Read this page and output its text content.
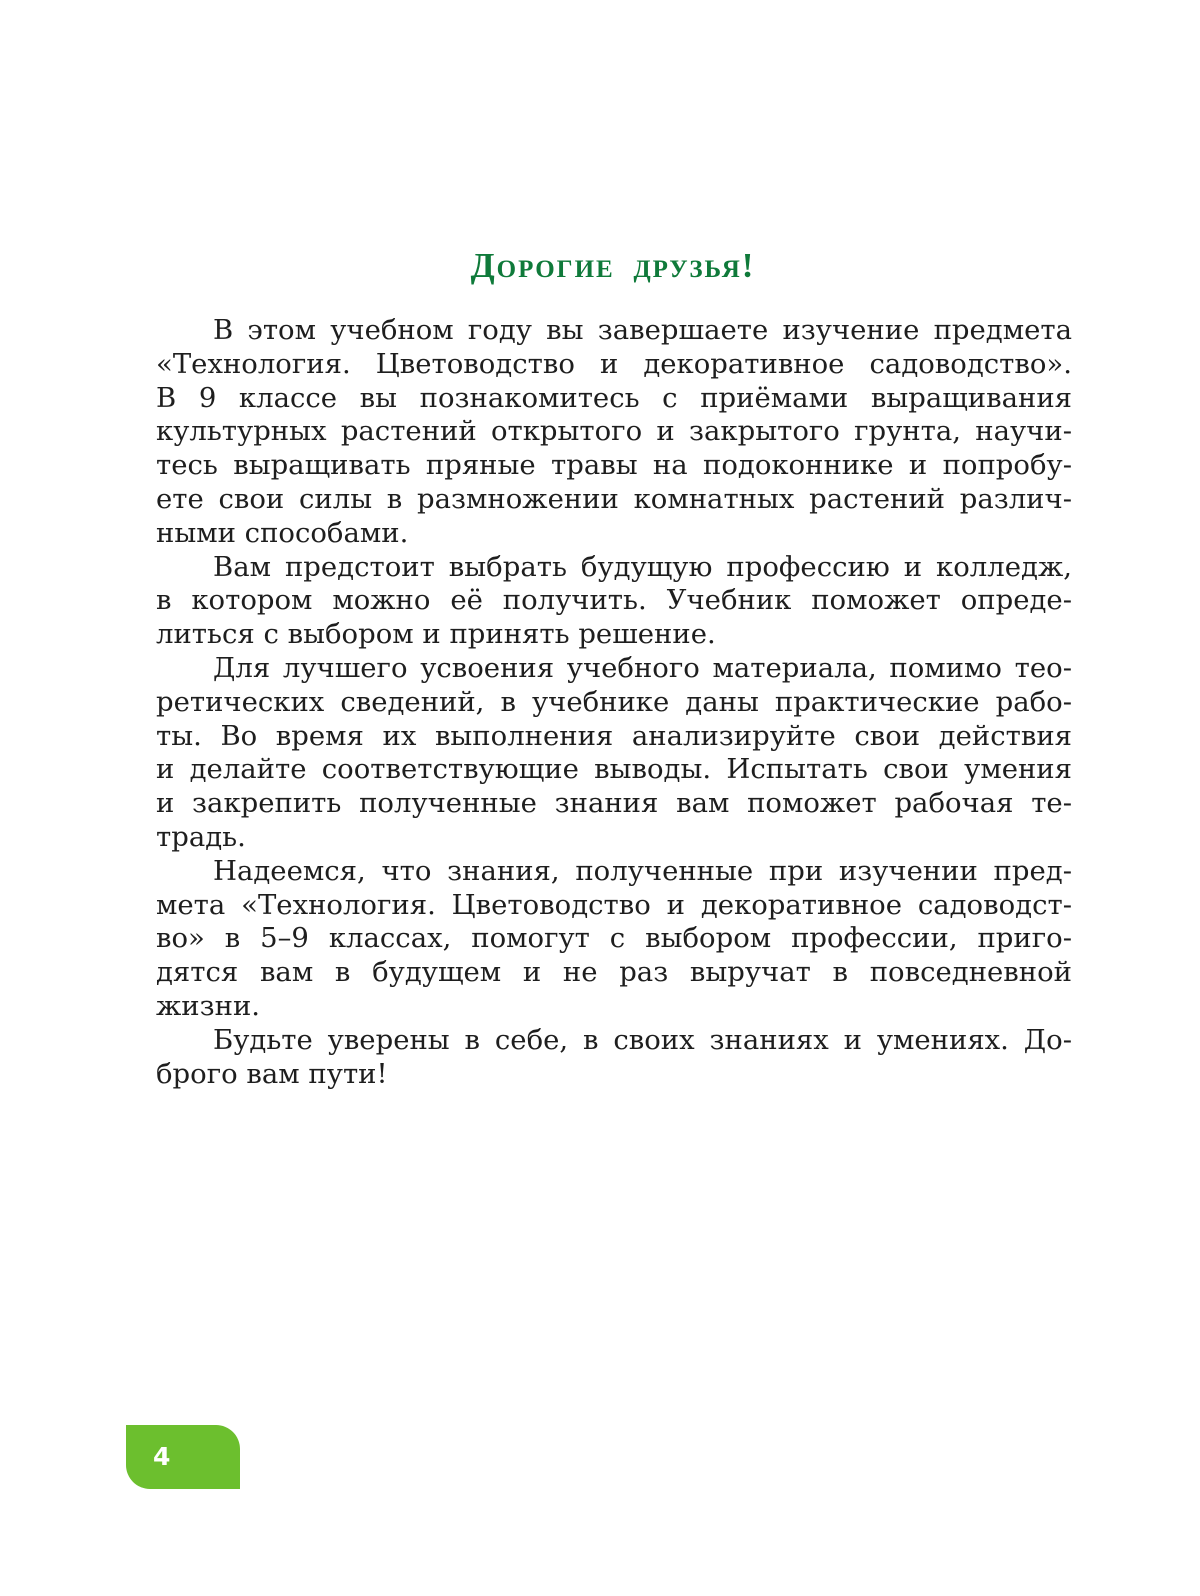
Дорогие друзья!

В этом учебном году вы завершаете изучение предмета
«Технология. Цветоводство и декоративное садоводство».
В 9 классе вы познакомитесь с приёмами выращивания
культурных растений открытого и закрытого грунта, научи-
тесь выращивать пряные травы на подоконнике и попробу-
ете свои силы в размножении комнатных растений различ-
ными способами.

Вам предстоит выбрать будущую профессию и колледж,
в котором можно её получить. Учебник поможет опреде-
литься с выбором и принять решение.

Для лучшего усвоения учебного материала, помимо тео-
ретических сведений, в учебнике даны практические рабо-
ты. Во время их выполнения анализируйте свои действия
и делайте соответствующие выводы. Испытать свои умения
и закрепить полученные знания вам поможет рабочая те-
традь.

Надеемся, что знания, полученные при изучении пред-
мета «Технология. Цветоводство и декоративное садоводст-
во» в 5–9 классах, помогут с выбором профессии, приго-
дятся вам в будущем и не раз выручат в повседневной
жизни.

Будьте уверены в себе, в своих знаниях и умениях. До-
брого вам пути!

4
